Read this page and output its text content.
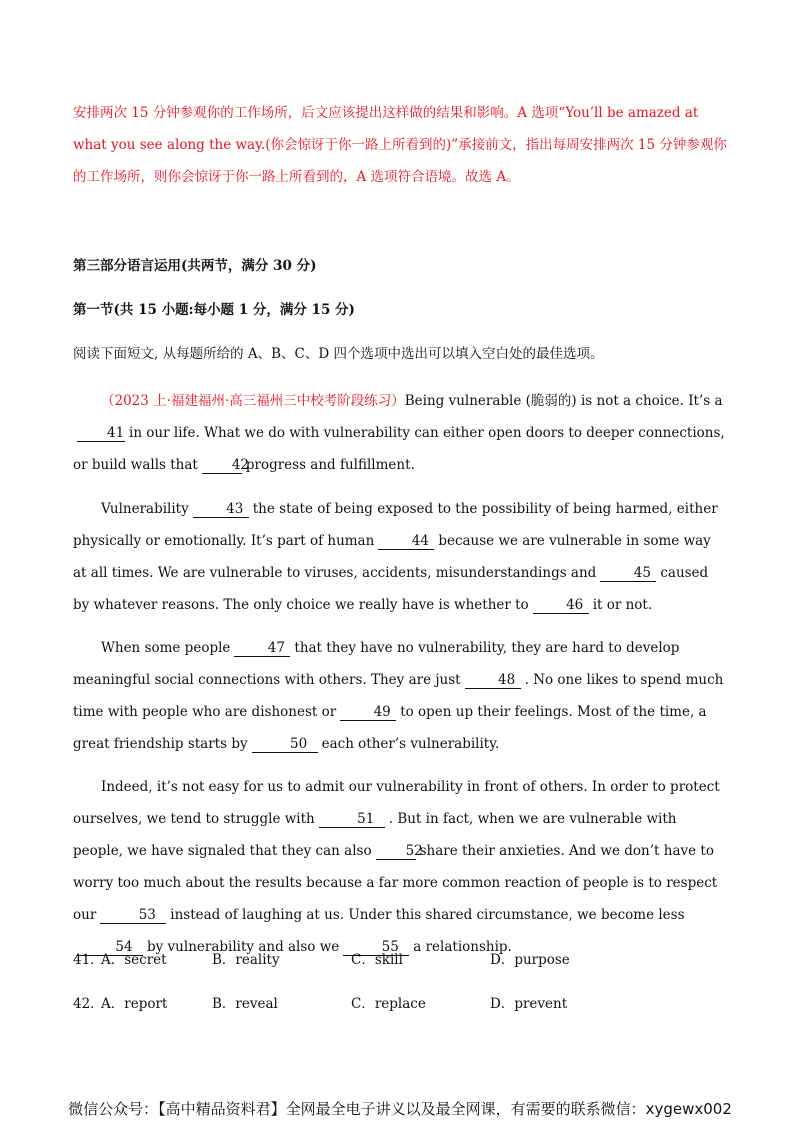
安排两次 15 分钟参观你的工作场所，后文应该提出这样做的结果和影响。A 选项“You’ll be amazed at what you see along the way.(你会惊讶于你一路上所看到的)”承接前文，指出每周安排两次 15 分钟参观你的工作场所，则你会惊讶于你一路上所看到的，A 选项符合语境。故选 A。
第三部分语言运用(共两节，满分 30 分)
第一节(共 15 小题:每小题 1 分，满分 15 分)
阅读下面短文, 从每题所给的 A、B、C、D 四个选项中选出可以填入空白处的最佳选项。
（2023 上·福建福州·高三福州三中校考阶段练习）Being vulnerable (脆弱的) is not a choice. It’s a41 in our life. What we do with vulnerability can either open doors to deeper connections, or build walls that	42progress and fulfillment.
Vulnerability	43 the state of being exposed to the possibility of being harmed, either physically or emotionally. It’s part of human	44 because we are vulnerable in some way at all times. We are vulnerable to viruses, accidents, misunderstandings and	45 caused by whatever reasons. The only choice we really have is whether to	46 it or not.
When some people	47 that they have no vulnerability, they are hard to develop meaningful social connections with others. They are just	48 . No one likes to spend much time with people who are dishonest or	49 to open up their feelings. Most of the time, a great friendship starts by	50 each other’s vulnerability.
Indeed, it’s not easy for us to admit our vulnerability in front of others. In order to protect ourselves, we tend to struggle with	51 . But in fact, when we are vulnerable with people, we have signaled that they can also	52share their anxieties. And we don’t have to worry too much about the results because a far more common reaction of people is to respect our	53 instead of laughing at us. Under this shared circumstance, we become less54 by vulnerability and also we	55 a relationship.
41．
A．secret	B．reality	C．skill	D．purpose
42．
A．report	B．reveal	C．replace	D．prevent
微信公众号：【高中精品资料君】全网最全电子讲义以及最全网课，有需要的联系微信：xygewx002
